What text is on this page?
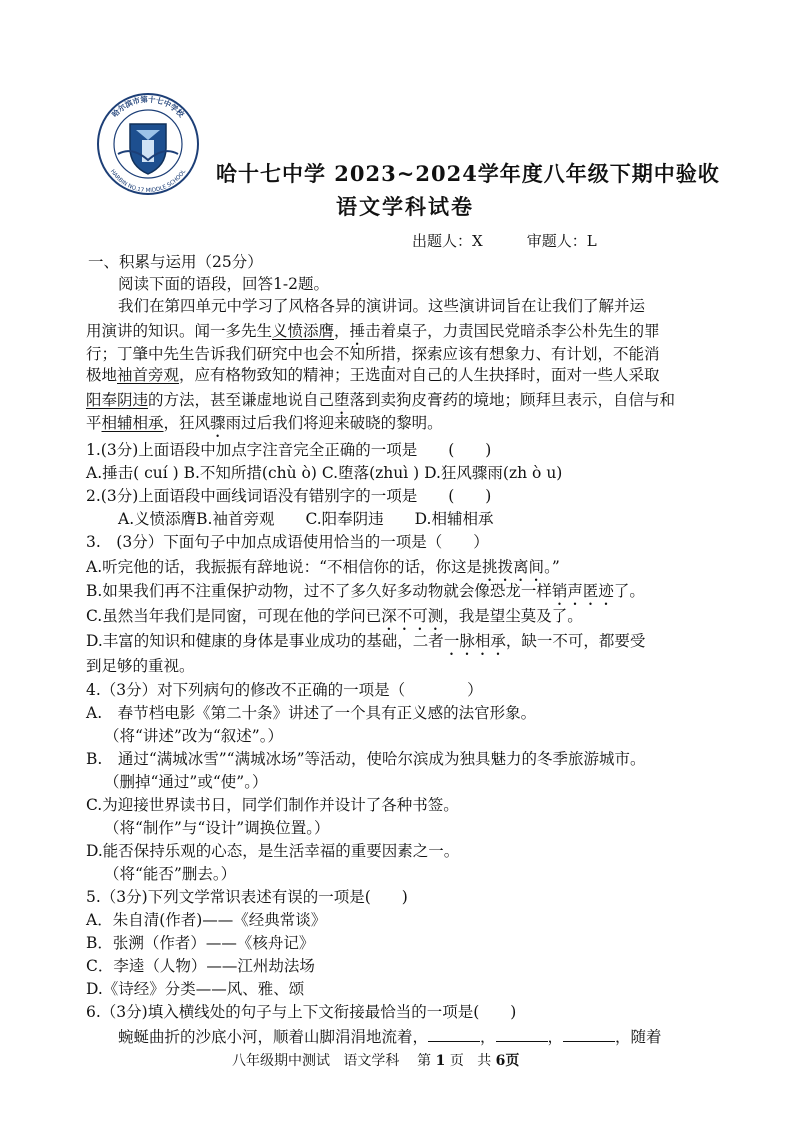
哈尔滨市第十七中学校
HARBIN NO.17 MIDDLE SCHOOL 哈十七中学 2023~2024学年度八年级下期中验收
语文学科试卷
出题人：X	审题人：L
一、积累与运用（25分）
阅读下面的语段，回答1-2题。
我们在第四单元中学习了风格各异的演讲词。这些演讲词旨在让我们了解并运
用演讲的知识。闻一多先生义愤添膺，捶击着桌子，力责国民党暗杀李公朴先生的罪
行；丁肇中先生告诉我们研究中也会不知所措，探索应该有想象力、有计划，不能消
极地袖首旁观，应有格物致知的精神；王选面对自己的人生抉择时，面对一些人采取
阳奉阴违的方法，甚至谦虚地说自己堕落到卖狗皮膏药的境地；顾拜旦表示，自信与和
平相辅相承，狂风骤雨过后我们将迎来破晓的黎明。
1.(3分)上面语段中加点字注音完全正确的一项是　　(　　)
A.捶击( cuí ) B.不知所措(chù ò) C.堕落(zhuì ) D.狂风骤雨(zh ò u)
2.(3分)上面语段中画线词语没有错别字的一项是　　(　　)
A.义愤添膺B.袖首旁观　　C.阳奉阴违　　D.相辅相承
3.　(3分）下面句子中加点成语使用恰当的一项是（　　）
A.听完他的话，我振振有辞地说：“不相信你的话，你这是挑拨离间。”
B.如果我们再不注重保护动物，过不了多久好多动物就会像恐龙一样销声匿迹了。
C.虽然当年我们是同窗，可现在他的学问已深不可测，我是望尘莫及了。
D.丰富的知识和健康的身体是事业成功的基础，二者一脉相承，缺一不可，都要受
到足够的重视。
4.（3分）对下列病句的修改不正确的一项是（　　　　）
A.　春节档电影《第二十条》讲述了一个具有正义感的法官形象。
（将“讲述”改为“叙述”。）
B.　通过“满城冰雪”“满城冰场”等活动，使哈尔滨成为独具魅力的冬季旅游城市。
（删掉“通过”或“使”。）
C.为迎接世界读书日，同学们制作并设计了各种书签。
（将“制作”与“设计”调换位置。）
D.能否保持乐观的心态，是生活幸福的重要因素之一。
（将“能否”删去。）
5.（3分)下列文学常识表述有误的一项是(　　)
A．朱自清(作者)——《经典常谈》
B．张溯（作者）——《核舟记》
C．李逵（人物）——江州劫法场
D.《诗经》分类——风、雅、颂
6.（3分)填入横线处的句子与上下文衔接最恰当的一项是(　　)
蜿蜒曲折的沙底小河，顺着山脚涓涓地流着，	，	，	，随着
八年级期中测试 语文学科 第 1 页 共 6页
